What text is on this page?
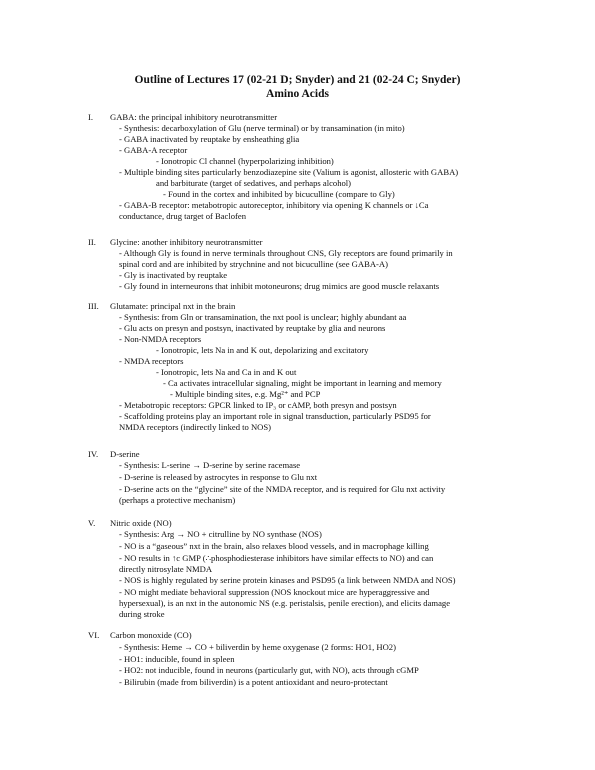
Outline of Lectures 17 (02-21 D; Snyder) and 21 (02-24 C; Snyder)
Amino Acids
I. GABA: the principal inhibitory neurotransmitter
- Synthesis: decarboxylation of Glu (nerve terminal) or by transamination (in mito)
- GABA inactivated by reuptake by ensheathing glia
- GABA-A receptor
- Ionotropic Cl channel (hyperpolarizing inhibition)
- Multiple binding sites particularly benzodiazepine site (Valium is agonist, allosteric with GABA)
and barbiturate (target of sedatives, and perhaps alcohol)
- Found in the cortex and inhibited by bicuculline (compare to Gly)
- GABA-B receptor: metabotropic autoreceptor, inhibitory via opening K channels or ↓Ca
conductance, drug target of Baclofen
II. Glycine: another inhibitory neurotransmitter
- Although Gly is found in nerve terminals throughout CNS, Gly receptors are found primarily in
spinal cord and are inhibited by strychnine and not bicuculline (see GABA-A)
- Gly is inactivated by reuptake
- Gly found in interneurons that inhibit motoneurons; drug mimics are good muscle relaxants
III. Glutamate: principal nxt in the brain
- Synthesis: from Gln or transamination, the nxt pool is unclear; highly abundant aa
- Glu acts on presyn and postsyn, inactivated by reuptake by glia and neurons
- Non-NMDA receptors
- Ionotropic, lets Na in and K out, depolarizing and excitatory
- NMDA receptors
- Ionotropic, lets Na and Ca in and K out
- Ca activates intracellular signaling, might be important in learning and memory
- Multiple binding sites, e.g. Mg²⁺ and PCP
- Metabotropic receptors: GPCR linked to IP₃ or cAMP, both presyn and postsyn
- Scaffolding proteins play an important role in signal transduction, particularly PSD95 for
NMDA receptors (indirectly linked to NOS)
IV. D-serine
- Synthesis: L-serine → D-serine by serine racemase
- D-serine is released by astrocytes in response to Glu nxt
- D-serine acts on the “glycine” site of the NMDA receptor, and is required for Glu nxt activity
(perhaps a protective mechanism)
V. Nitric oxide (NO)
- Synthesis: Arg → NO + citrulline by NO synthase (NOS)
- NO is a “gaseous” nxt in the brain, also relaxes blood vessels, and in macrophage killing
- NO results in ↑c GMP (∴phosphodiesterase inhibitors have similar effects to NO) and can
directly nitrosylate NMDA
- NOS is highly regulated by serine protein kinases and PSD95 (a link between NMDA and NOS)
- NO might mediate behavioral suppression (NOS knockout mice are hyperaggressive and
hypersexual), is an nxt in the autonomic NS (e.g. peristalsis, penile erection), and elicits damage
during stroke
VI. Carbon monoxide (CO)
- Synthesis: Heme → CO + biliverdin by heme oxygenase (2 forms: HO1, HO2)
- HO1: inducible, found in spleen
- HO2: not inducible, found in neurons (particularly gut, with NO), acts through cGMP
- Bilirubin (made from biliverdin) is a potent antioxidant and neuro-protectant
